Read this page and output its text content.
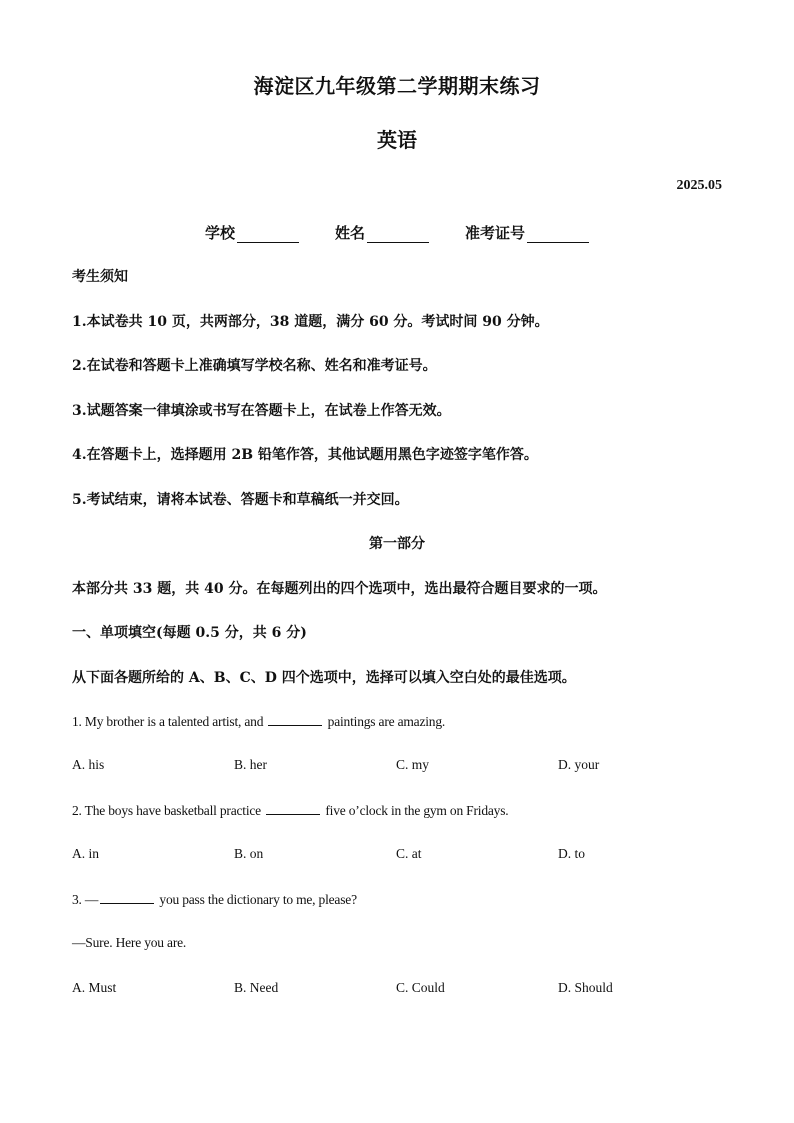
海淀区九年级第二学期期末练习
英语
2025.05
学校	姓名	准考证号
考生须知
1.本试卷共 10 页，共两部分，38 道题，满分 60 分。考试时间 90 分钟。
2.在试卷和答题卡上准确填写学校名称、姓名和准考证号。
3.试题答案一律填涂或书写在答题卡上，在试卷上作答无效。
4.在答题卡上，选择题用 2B 铅笔作答，其他试题用黑色字迹签字笔作答。
5.考试结束，请将本试卷、答题卡和草稿纸一并交回。
第一部分
本部分共 33 题，共 40 分。在每题列出的四个选项中，选出最符合题目要求的一项。
一、单项填空(每题 0.5 分，共 6 分)
从下面各题所给的 A、B、C、D 四个选项中，选择可以填入空白处的最佳选项。
1. My brother is a talented artist, and	paintings are amazing.
A. his	B. her	C. my	D. your
2. The boys have basketball practice	five o’clock in the gym on Fridays.
A. in	B. on	C. at	D. to
3. —	you pass the dictionary to me, please?
—Sure. Here you are.
A. Must	B. Need	C. Could	D. Should
